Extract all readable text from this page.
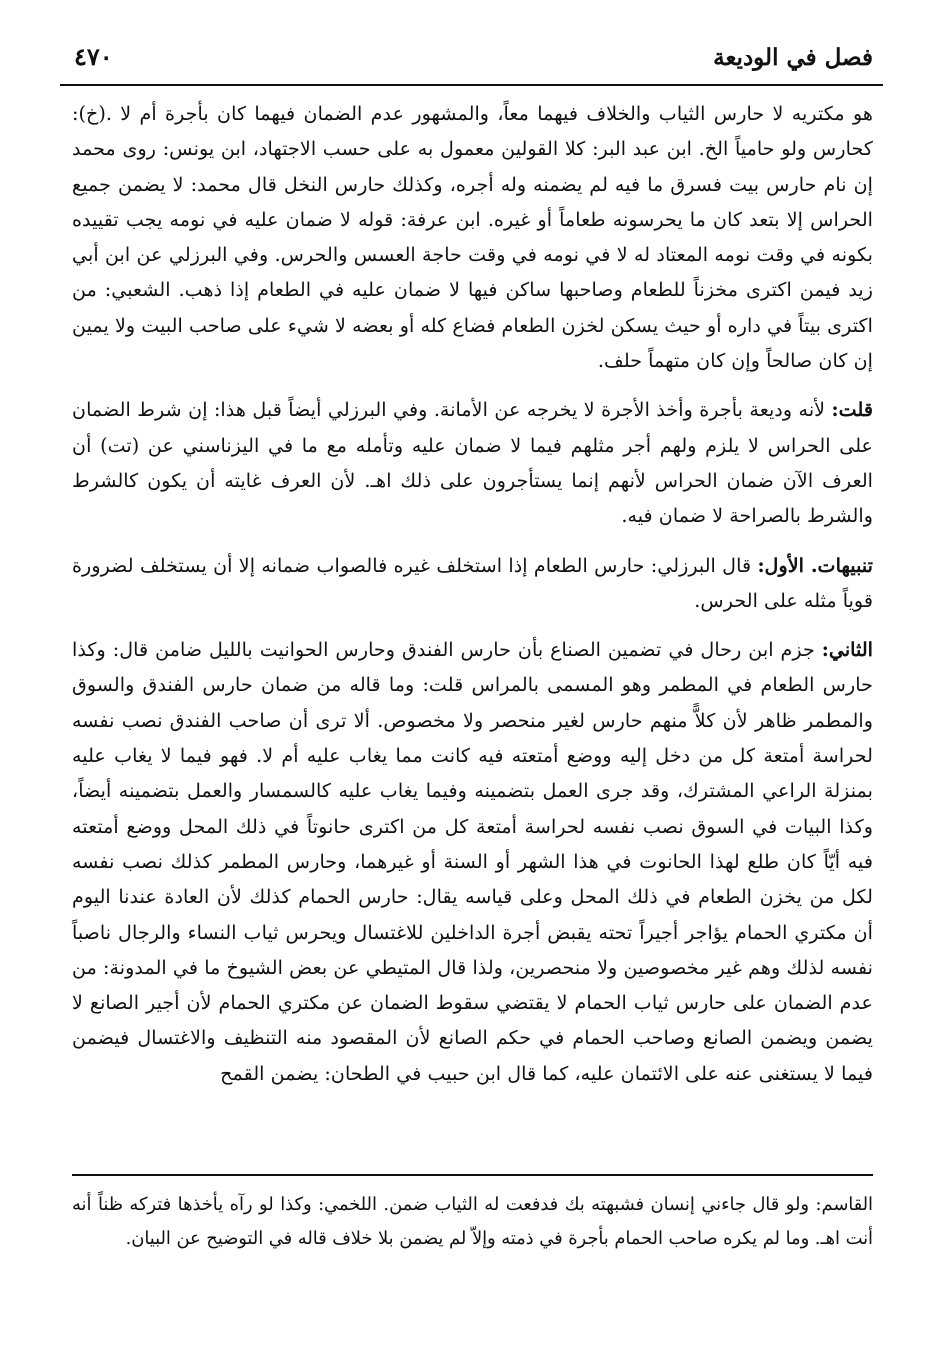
فصل في الوديعة
٤٧٠

هو مكتريه لا حارس الثياب والخلاف فيهما معاً، والمشهور عدم الضمان فيهما كان بأجرة أم لا .(خ): كحارس ولو حامياً الخ. ابن عبد البر: كلا القولين معمول به على حسب الاجتهاد، ابن يونس: روى محمد إن نام حارس بيت فسرق ما فيه لم يضمنه وله أجره، وكذلك حارس النخل قال محمد: لا يضمن جميع الحراس إلا بتعد كان ما يحرسونه طعاماً أو غيره. ابن عرفة: قوله لا ضمان عليه في نومه يجب تقييده بكونه في وقت نومه المعتاد له لا في نومه في وقت حاجة العسس والحرس. وفي البرزلي عن ابن أبي زيد فيمن اكترى مخزناً للطعام وصاحبها ساكن فيها لا ضمان عليه في الطعام إذا ذهب. الشعبي: من اكترى بيتاً في داره أو حيث يسكن لخزن الطعام فضاع كله أو بعضه لا شيء على صاحب البيت ولا يمين إن كان صالحاً وإن كان متهماً حلف.

قلت: لأنه وديعة بأجرة وأخذ الأجرة لا يخرجه عن الأمانة. وفي البرزلي أيضاً قبل هذا: إن شرط الضمان على الحراس لا يلزم ولهم أجر مثلهم فيما لا ضمان عليه وتأمله مع ما في اليزناسني عن (تت) أن العرف الآن ضمان الحراس لأنهم إنما يستأجرون على ذلك اهـ. لأن العرف غايته أن يكون كالشرط والشرط بالصراحة لا ضمان فيه.

تنبيهات. الأول: قال البرزلي: حارس الطعام إذا استخلف غيره فالصواب ضمانه إلا أن يستخلف لضرورة قوياً مثله على الحرس.

الثاني: جزم ابن رحال في تضمين الصناع بأن حارس الفندق وحارس الحوانيت بالليل ضامن قال: وكذا حارس الطعام في المطمر وهو المسمى بالمراس قلت: وما قاله من ضمان حارس الفندق والسوق والمطمر ظاهر لأن كلاًّ منهم حارس لغير منحصر ولا مخصوص. ألا ترى أن صاحب الفندق نصب نفسه لحراسة أمتعة كل من دخل إليه ووضع أمتعته فيه كانت مما يغاب عليه أم لا. فهو فيما لا يغاب عليه بمنزلة الراعي المشترك، وقد جرى العمل بتضمينه وفيما يغاب عليه كالسمسار والعمل بتضمينه أيضاً، وكذا البيات في السوق نصب نفسه لحراسة أمتعة كل من اكترى حانوتاً في ذلك المحل ووضع أمتعته فيه أيّاً كان طلع لهذا الحانوت في هذا الشهر أو السنة أو غيرهما، وحارس المطمر كذلك نصب نفسه لكل من يخزن الطعام في ذلك المحل وعلى قياسه يقال: حارس الحمام كذلك لأن العادة عندنا اليوم أن مكتري الحمام يؤاجر أجيراً تحته يقبض أجرة الداخلين للاغتسال ويحرس ثياب النساء والرجال ناصباً نفسه لذلك وهم غير مخصوصين ولا منحصرين، ولذا قال المتيطي عن بعض الشيوخ ما في المدونة: من عدم الضمان على حارس ثياب الحمام لا يقتضي سقوط الضمان عن مكتري الحمام لأن أجير الصانع لا يضمن ويضمن الصانع وصاحب الحمام في حكم الصانع لأن المقصود منه التنظيف والاغتسال فيضمن فيما لا يستغنى عنه على الائتمان عليه، كما قال ابن حبيب في الطحان: يضمن القمح

القاسم: ولو قال جاءني إنسان فشبهته بك فدفعت له الثياب ضمن. اللخمي: وكذا لو رآه يأخذها فتركه ظناً أنه أنت اهـ. وما لم يكره صاحب الحمام بأجرة في ذمته وإلاّ لم يضمن بلا خلاف قاله في التوضيح عن البيان.
